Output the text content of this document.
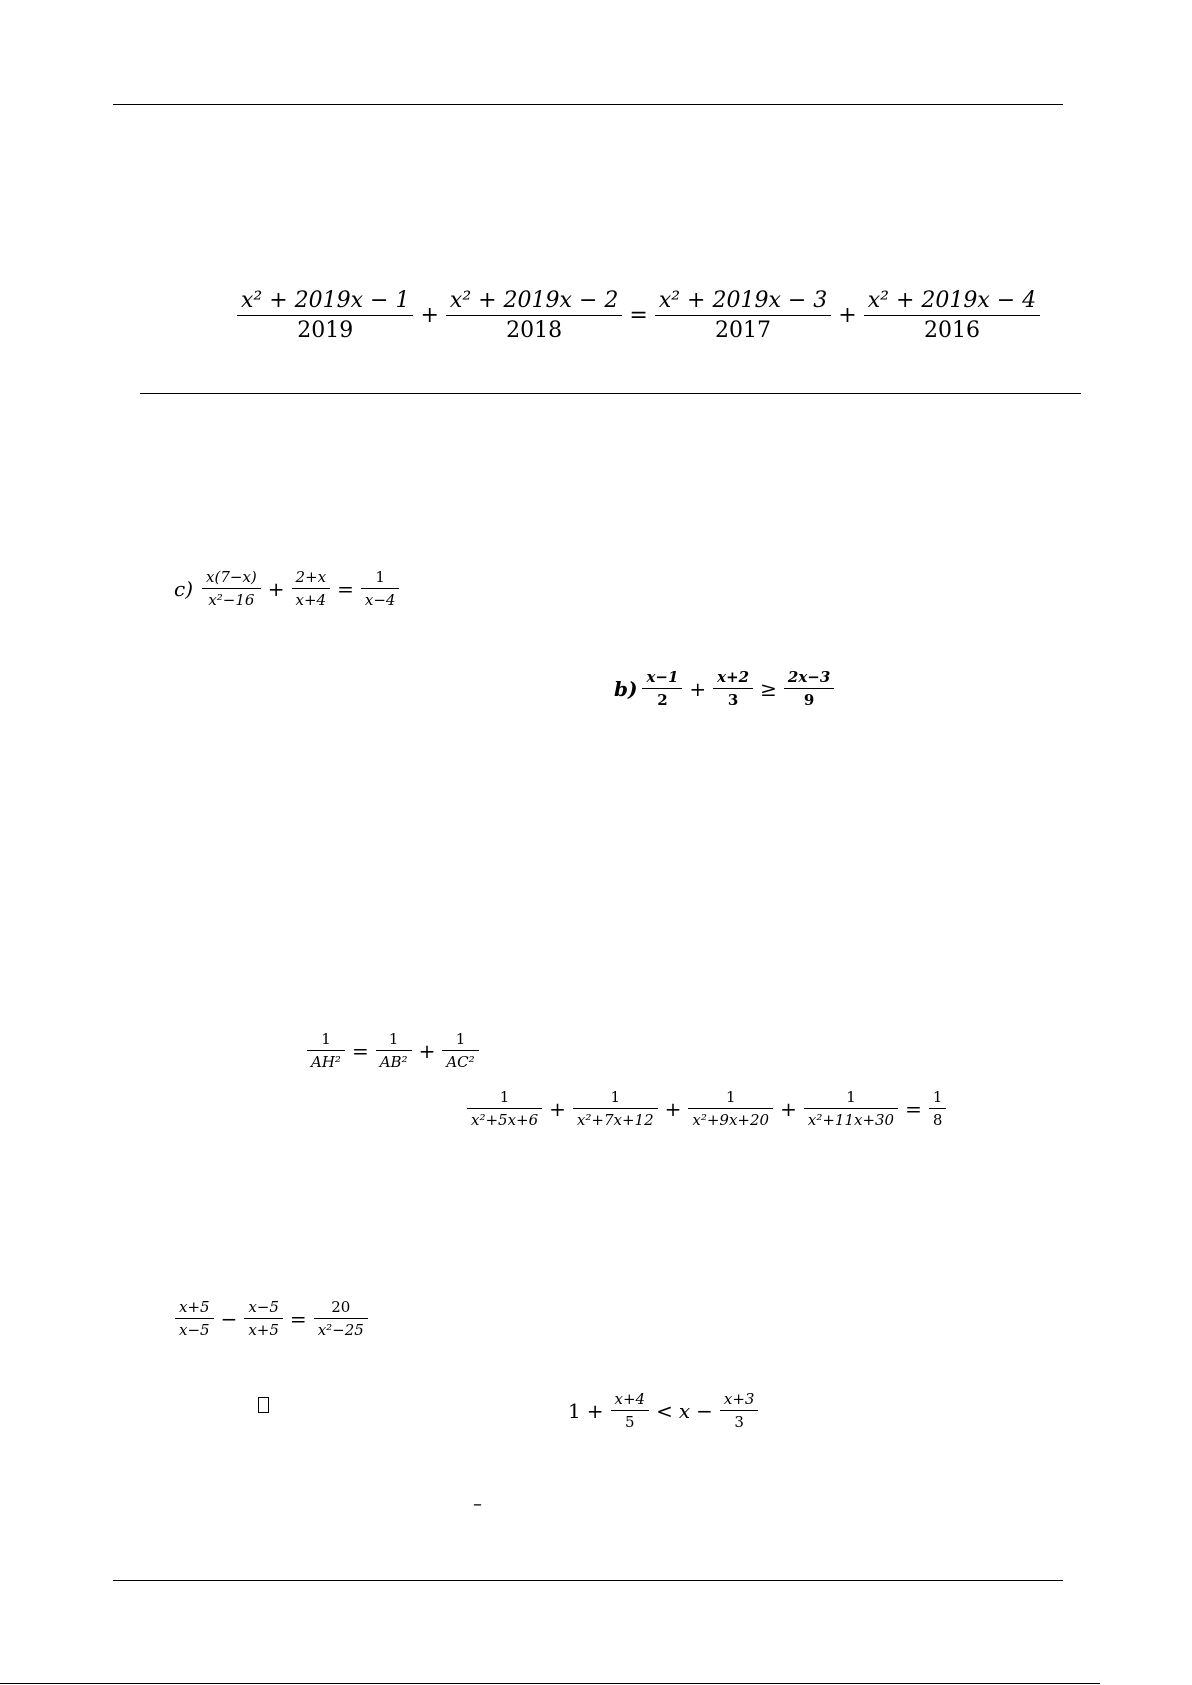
$\frac{\text{x² + 2019x − 1}}{2019} + \frac{\text{x² + 2019x − 2}}{2018} = \frac{\text{x² + 2019x − 3}}{2017} + \frac{\text{x² + 2019x − 4}}{2016}$
$c) \frac{x(7-x)}{\text{x²−16}} + \frac{2+x}{x+4} = \frac{1}{x-4}$
$b) \frac{x-1}{2} + \frac{x+2}{3} \ge \frac{2x-3}{9}$
$\frac{1}{\text{AH²}} = \frac{1}{\text{AB²}} + \frac{1}{\text{AC²}}$
$\frac{1}{\text{x²+5x+6}} + \frac{1}{\text{x²+7x+12}} + \frac{1}{\text{x²+9x+20}} + \frac{1}{\text{x²+11x+30}} = \frac{1}{8}$
$\frac{x+5}{x-5} - \frac{x-5}{x+5} = \frac{20}{\text{x²−25}}$
$1 + \frac{x+4}{5} < x - \frac{x+3}{3}$
–
